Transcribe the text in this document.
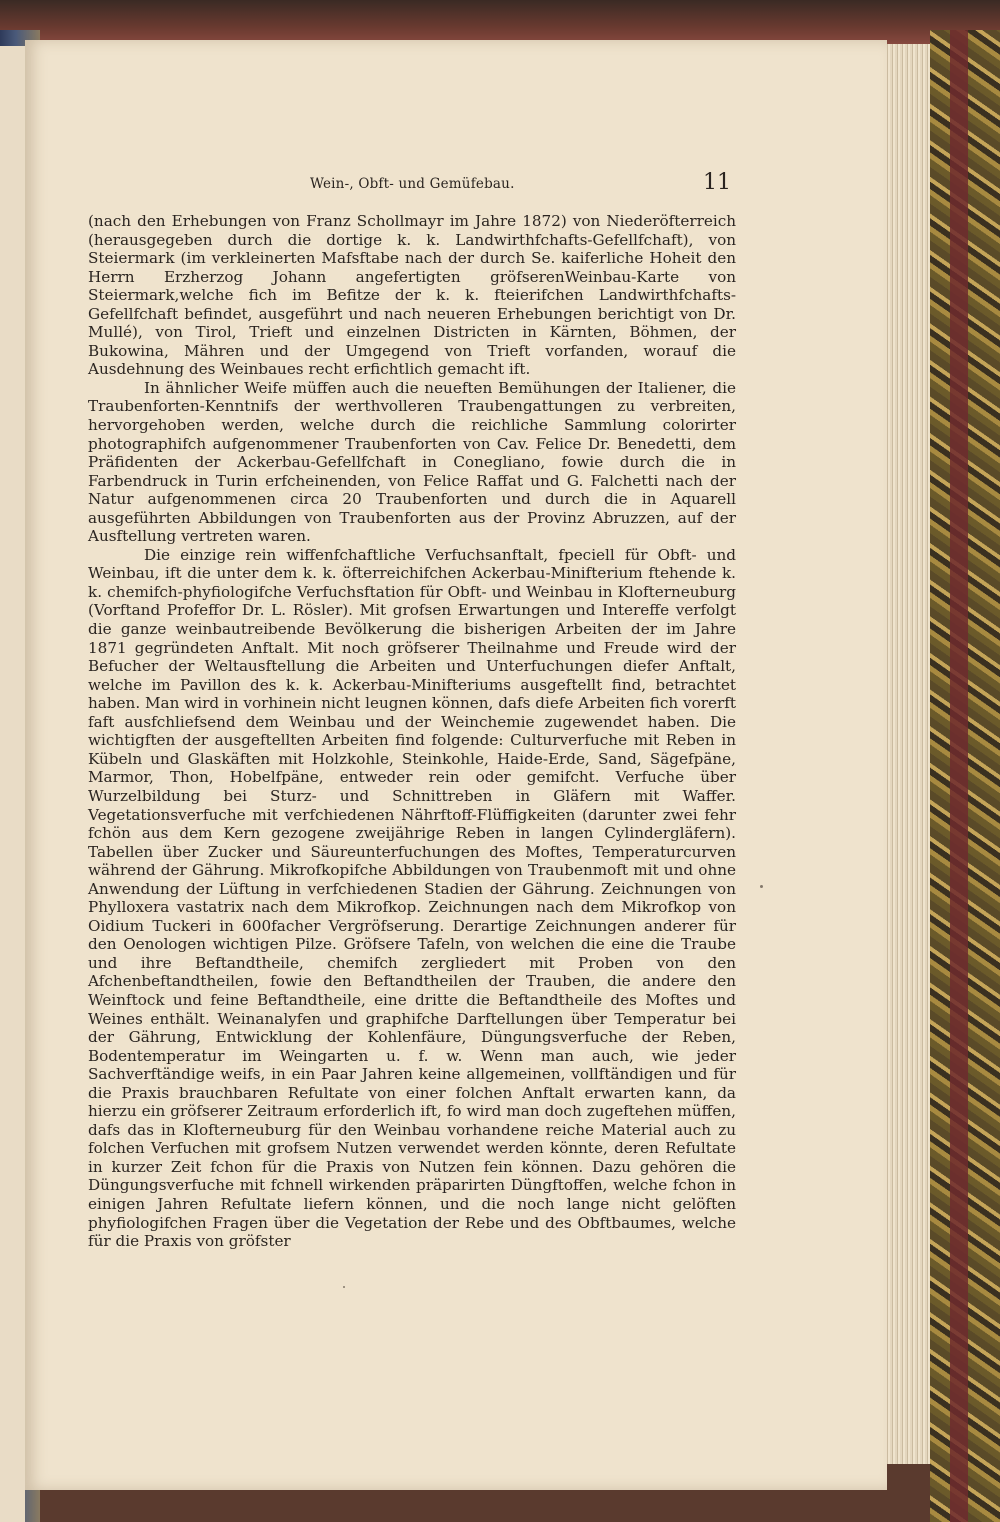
Wein-, Obft- und Gemüfebau.	11

(nach den Erhebungen von Franz Schollmayr im Jahre 1872) von Niederöfterreich (herausgegeben durch die dortige k. k. Landwirthfchafts-Gefellfchaft), von Steiermark (im verkleinerten Mafsftabe nach der durch Se. kaiferliche Hoheit den Herrn Erzherzog Johann angefertigten gröfserenWeinbau-Karte von Steiermark,welche fich im Befitze der k. k. fteierifchen Landwirthfchafts-Gefellfchaft befindet, ausgeführt und nach neueren Erhebungen berichtigt von Dr. Mullé), von Tirol, Trieft und einzelnen Districten in Kärnten, Böhmen, der Bukowina, Mähren und der Umgegend von Trieft vorfanden, worauf die Ausdehnung des Weinbaues recht erfichtlich gemacht ift.

In ähnlicher Weife müffen auch die neueften Bemühungen der Italiener, die Traubenforten-Kenntnifs der werthvolleren Traubengattungen zu verbreiten, hervorgehoben werden, welche durch die reichliche Sammlung colorirter photographifch aufgenommener Traubenforten von Cav. Felice Dr. Benedetti, dem Präfidenten der Ackerbau-Gefellfchaft in Conegliano, fowie durch die in Farbendruck in Turin erfcheinenden, von Felice Raffat und G. Falchetti nach der Natur aufgenommenen circa 20 Traubenforten und durch die in Aquarell ausgeführten Abbildungen von Traubenforten aus der Provinz Abruzzen, auf der Ausftellung vertreten waren.

Die einzige rein wiffenfchaftliche Verfuchsanftalt, fpeciell für Obft- und Weinbau, ift die unter dem k. k. öfterreichifchen Ackerbau-Minifterium ftehende k. k. chemifch-phyfiologifche Verfuchsftation für Obft- und Weinbau in Klofterneuburg (Vorftand Profeffor Dr. L. Rösler). Mit grofsen Erwartungen und Intereffe verfolgt die ganze weinbautreibende Bevölkerung die bisherigen Arbeiten der im Jahre 1871 gegründeten Anftalt. Mit noch gröfserer Theilnahme und Freude wird der Befucher der Weltausftellung die Arbeiten und Unterfuchungen diefer Anftalt, welche im Pavillon des k. k. Ackerbau-Minifteriums ausgeftellt find, betrachtet haben. Man wird in vorhinein nicht leugnen können, dafs diefe Arbeiten fich vorerft faft ausfchliefsend dem Weinbau und der Weinchemie zugewendet haben. Die wichtigften der ausgeftellten Arbeiten find folgende: Culturverfuche mit Reben in Kübeln und Glaskäften mit Holzkohle, Steinkohle, Haide-Erde, Sand, Sägefpäne, Marmor, Thon, Hobelfpäne, entweder rein oder gemifcht. Verfuche über Wurzelbildung bei Sturz- und Schnittreben in Gläfern mit Waffer. Vegetationsverfuche mit verfchiedenen Nährftoff-Flüffigkeiten (darunter zwei fehr fchön aus dem Kern gezogene zweijährige Reben in langen Cylindergläfern). Tabellen über Zucker und Säureunterfuchungen des Moftes, Temperaturcurven während der Gährung. Mikrofkopifche Abbildungen von Traubenmoft mit und ohne Anwendung der Lüftung in verfchiedenen Stadien der Gährung. Zeichnungen von Phylloxera vastatrix nach dem Mikrofkop. Zeichnungen nach dem Mikrofkop von Oidium Tuckeri in 600facher Vergröfserung. Derartige Zeichnungen anderer für den Oenologen wichtigen Pilze. Gröfsere Tafeln, von welchen die eine die Traube und ihre Beftandtheile, chemifch zergliedert mit Proben von den Afchenbeftandtheilen, fowie den Beftandtheilen der Trauben, die andere den Weinftock und feine Beftandtheile, eine dritte die Beftandtheile des Moftes und Weines enthält. Weinanalyfen und graphifche Darftellungen über Temperatur bei der Gährung, Entwicklung der Kohlenfäure, Düngungsverfuche der Reben, Bodentemperatur im Weingarten u. f. w. Wenn man auch, wie jeder Sachverftändige weifs, in ein Paar Jahren keine allgemeinen, vollftändigen und für die Praxis brauchbaren Refultate von einer folchen Anftalt erwarten kann, da hierzu ein gröfserer Zeitraum erforderlich ift, fo wird man doch zugeftehen müffen, dafs das in Klofterneuburg für den Weinbau vorhandene reiche Material auch zu folchen Verfuchen mit grofsem Nutzen verwendet werden könnte, deren Refultate in kurzer Zeit fchon für die Praxis von Nutzen fein können. Dazu gehören die Düngungsverfuche mit fchnell wirkenden präparirten Düngftoffen, welche fchon in einigen Jahren Refultate liefern können, und die noch lange nicht gelöften phyfiologifchen Fragen über die Vegetation der Rebe und des Obftbaumes, welche für die Praxis von gröfster
